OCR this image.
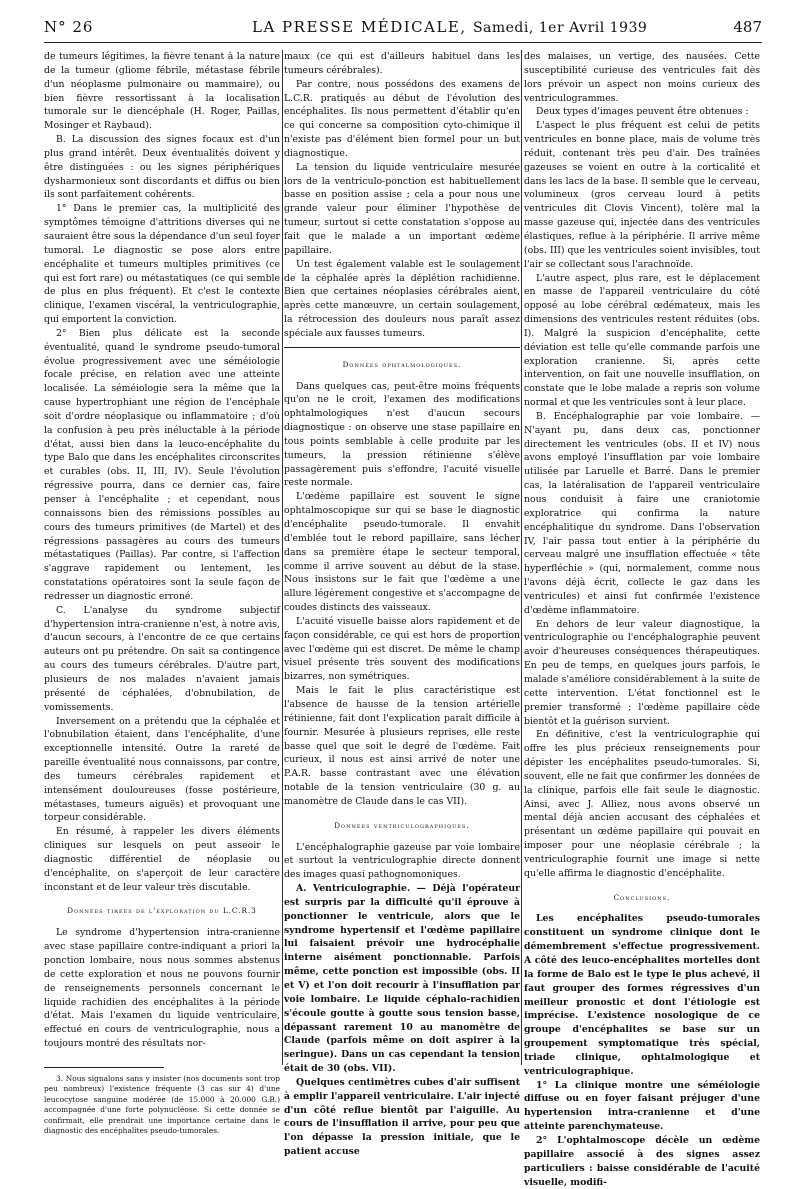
N° 26	LA PRESSE MÉDICALE, Samedi, 1er Avril 1939	487

de tumeurs légitimes, la fièvre tenant à la nature de la tumeur (gliome fébrile, métastase fébrile d'un néoplasme pulmonaire ou mammaire), ou bien fièvre ressortissant à la localisation tumorale sur le diencéphale (H. Roger, Paillas, Mosinger et Raybaud).

B. La discussion des signes focaux est d'un plus grand intérêt. Deux éventualités doivent y être distinguées : ou les signes périphériques dysharmonieux sont discordants et diffus ou bien ils sont parfaitement cohérents.

1° Dans le premier cas, la multiplicité des symptômes témoigne d'attritions diverses qui ne sauraient être sous la dépendance d'un seul foyer tumoral. Le diagnostic se pose alors entre encéphalite et tumeurs multiples primitives (ce qui est fort rare) ou métastatiques (ce qui semble de plus en plus fréquent). Et c'est le contexte clinique, l'examen viscéral, la ventriculographie, qui emportent la conviction.

2° Bien plus délicate est la seconde éventualité, quand le syndrome pseudo-tumoral évolue progressivement avec une séméiologie focale précise, en relation avec une atteinte localisée. La séméiologie sera la même que la cause hypertrophiant une région de l'encéphale soit d'ordre néoplasique ou inflammatoire ; d'où la confusion à peu près inéluctable à la période d'état, aussi bien dans la leuco-encéphalite du type Balo que dans les encéphalites circonscrites et curables (obs. II, III, IV). Seule l'évolution régressive pourra, dans ce dernier cas, faire penser à l'encéphalite ; et cependant, nous connaissons bien des rémissions possibles au cours des tumeurs primitives (de Martel) et des régressions passagères au cours des tumeurs métastatiques (Paillas). Par contre, si l'affection s'aggrave rapidement ou lentement, les constatations opératoires sont la seule façon de redresser un diagnostic erroné.

C. L'analyse du syndrome subjectif d'hypertension intra-cranienne n'est, à notre avis, d'aucun secours, à l'encontre de ce que certains auteurs ont pu prétendre. On sait sa contingence au cours des tumeurs cérébrales. D'autre part, plusieurs de nos malades n'avaient jamais présenté de céphalées, d'obnubilation, de vomissements.

Inversement on a prétendu que la céphalée et l'obnubilation étaient, dans l'encéphalite, d'une exceptionnelle intensité. Outre la rareté de pareille éventualité nous connaissons, par contre, des tumeurs cérébrales rapidement et intensément douloureuses (fosse postérieure, métastases, tumeurs aiguës) et provoquant une torpeur considérable.

En résumé, à rappeler les divers éléments cliniques sur lesquels on peut asseoir le diagnostic différentiel de néoplasie ou d'encéphalite, on s'aperçoit de leur caractère inconstant et de leur valeur très discutable.

Données tirées de l'exploration du L.C.R.3

Le syndrome d'hypertension intra-cranienne avec stase papillaire contre-indiquant a priori la ponction lombaire, nous nous sommes abstenus de cette exploration et nous ne pouvons fournir de renseignements personnels concernant le liquide rachidien des encéphalites à la période d'état. Mais l'examen du liquide ventriculaire, effectué en cours de ventriculographie, nous a toujours montré des résultats nor-

3. Nous signalons sans y insister (nos documents sont trop peu nombreux) l'existence fréquente (3 cas sur 4) d'une leucocytose sanguine modérée (de 15.000 à 20.000 G.B.) accompagnée d'une forte polynucléose. Si cette donnée se confirmait, elle prendrait une importance certaine dans le diagnostic des encéphalites pseudo-tumorales.

maux (ce qui est d'ailleurs habituel dans les tumeurs cérébrales).

Par contre, nous possédons des examens de L.C.R. pratiqués au début de l'évolution des encéphalites. Ils nous permettent d'établir qu'en ce qui concerne sa composition cyto-chimique il n'existe pas d'élément bien formel pour un but diagnostique.

La tension du liquide ventriculaire mesurée lors de la ventriculo-ponction est habituellement basse en position assise ; cela a pour nous une grande valeur pour éliminer l'hypothèse de tumeur, surtout si cette constatation s'oppose au fait que le malade a un important œdème papillaire.

Un test également valable est le soulagement de la céphalée après la déplétion rachidienne. Bien que certaines néoplasies cérébrales aient, après cette manœuvre, un certain soulagement, la rétrocession des douleurs nous paraît assez spéciale aux fausses tumeurs.

Données ophtalmologiques.

Dans quelques cas, peut-être moins fréquents qu'on ne le croit, l'examen des modifications ophtalmologiques n'est d'aucun secours diagnostique : on observe une stase papillaire en tous points semblable à celle produite par les tumeurs, la pression rétinienne s'élève passagèrement puis s'effondre, l'acuité visuelle reste normale.

L'œdème papillaire est souvent le signe ophtalmoscopique sur qui se base le diagnostic d'encéphalite pseudo-tumorale. Il envahit d'emblée tout le rebord papillaire, sans lécher dans sa première étape le secteur temporal, comme il arrive souvent au début de la stase. Nous insistons sur le fait que l'œdème a une allure légèrement congestive et s'accompagne de coudes distincts des vaisseaux.

L'acuité visuelle baisse alors rapidement et de façon considérable, ce qui est hors de proportion avec l'œdème qui est discret. De même le champ visuel présente très souvent des modifications bizarres, non symétriques.

Mais le fait le plus caractéristique est l'absence de hausse de la tension artérielle rétinienne, fait dont l'explication paraît difficile à fournir. Mesurée à plusieurs reprises, elle reste basse quel que soit le degré de l'œdème. Fait curieux, il nous est ainsi arrivé de noter une P.A.R. basse contrastant avec une élévation notable de la tension ventriculaire (30 g. au manomètre de Claude dans le cas VII).

Données ventriculographiques.

L'encéphalographie gazeuse par voie lombaire et surtout la ventriculographie directe donnent des images quasi pathognomoniques.

A. Ventriculographie. — Déjà l'opérateur est surpris par la difficulté qu'il éprouve à ponctionner le ventricule, alors que le syndrome hypertensif et l'œdème papillaire lui faisaient prévoir une hydrocéphalie interne aisément ponctionnable. Parfois même, cette ponction est impossible (obs. II et V) et l'on doit recourir à l'insufflation par voie lombaire. Le liquide céphalo-rachidien s'écoule goutte à goutte sous tension basse, dépassant rarement 10 au manomètre de Claude (parfois même on doit aspirer à la seringue). Dans un cas cependant la tension était de 30 (obs. VII).

Quelques centimètres cubes d'air suffisent à emplir l'appareil ventriculaire. L'air injecté d'un côté reflue bientôt par l'aiguille. Au cours de l'insufflation il arrive, pour peu que l'on dépasse la pression initiale, que le patient accuse

des malaises, un vertige, des nausées. Cette susceptibilité curieuse des ventricules fait dès lors prévoir un aspect non moins curieux des ventriculogrammes.

Deux types d'images peuvent être obtenues :

L'aspect le plus fréquent est celui de petits ventricules en bonne place, mais de volume très réduit, contenant très peu d'air. Des traînées gazeuses se voient en outre à la corticalité et dans les lacs de la base. Il semble que le cerveau, volumineux (gros cerveau lourd à petits ventricules dit Clovis Vincent), tolère mal la masse gazeuse qui, injectée dans des ventricules élastiques, reflue à la périphérie. Il arrive même (obs. III) que les ventricules soient invisibles, tout l'air se collectant sous l'arachnoïde.

L'autre aspect, plus rare, est le déplacement en masse de l'appareil ventriculaire du côté opposé au lobe cérébral œdémateux, mais les dimensions des ventricules restent réduites (obs. I). Malgré la suspicion d'encéphalite, cette déviation est telle qu'elle commande parfois une exploration cranienne. Si, après cette intervention, on fait une nouvelle insufflation, on constate que le lobe malade a repris son volume normal et que les ventricules sont à leur place.

B. Encéphalographie par voie lombaire. — N'ayant pu, dans deux cas, ponctionner directement les ventricules (obs. II et IV) nous avons employé l'insufflation par voie lombaire utilisée par Laruelle et Barré. Dans le premier cas, la latéralisation de l'appareil ventriculaire nous conduisit à faire une craniotomie exploratrice qui confirma la nature encéphalitique du syndrome. Dans l'observation IV, l'air passa tout entier à la périphérie du cerveau malgré une insufflation effectuée « tête hyperfléchie » (qui, normalement, comme nous l'avons déjà écrit, collecte le gaz dans les ventricules) et ainsi fut confirmée l'existence d'œdème inflammatoire.

En dehors de leur valeur diagnostique, la ventriculographie ou l'encéphalographie peuvent avoir d'heureuses conséquences thérapeutiques. En peu de temps, en quelques jours parfois, le malade s'améliore considérablement à la suite de cette intervention. L'état fonctionnel est le premier transformé ; l'œdème papillaire cède bientôt et la guérison survient.

En définitive, c'est la ventriculographie qui offre les plus précieux renseignements pour dépister les encéphalites pseudo-tumorales. Si, souvent, elle ne fait que confirmer les données de la clinique, parfois elle fait seule le diagnostic. Ainsi, avec J. Alliez, nous avons observé un mental déjà ancien accusant des céphalées et présentant un œdème papillaire qui pouvait en imposer pour une néoplasie cérébrale ; la ventriculographie fournit une image si nette qu'elle affirma le diagnostic d'encéphalite.

Conclusions.

Les encéphalites pseudo-tumorales constituent un syndrome clinique dont le démembrement s'effectue progressivement. A côté des leuco-encéphalites mortelles dont la forme de Balo est le type le plus achevé, il faut grouper des formes régressives d'un meilleur pronostic et dont l'étiologie est imprécise. L'existence nosologique de ce groupe d'encéphalites se base sur un groupement symptomatique très spécial, triade clinique, ophtalmologique et ventriculographique.

1° La clinique montre une séméiologie diffuse ou en foyer faisant préjuger d'une hypertension intra-cranienne et d'une atteinte parenchymateuse.

2° L'ophtalmoscope décèle un œdème papillaire associé à des signes assez particuliers : baisse considérable de l'acuité visuelle, modifi-
